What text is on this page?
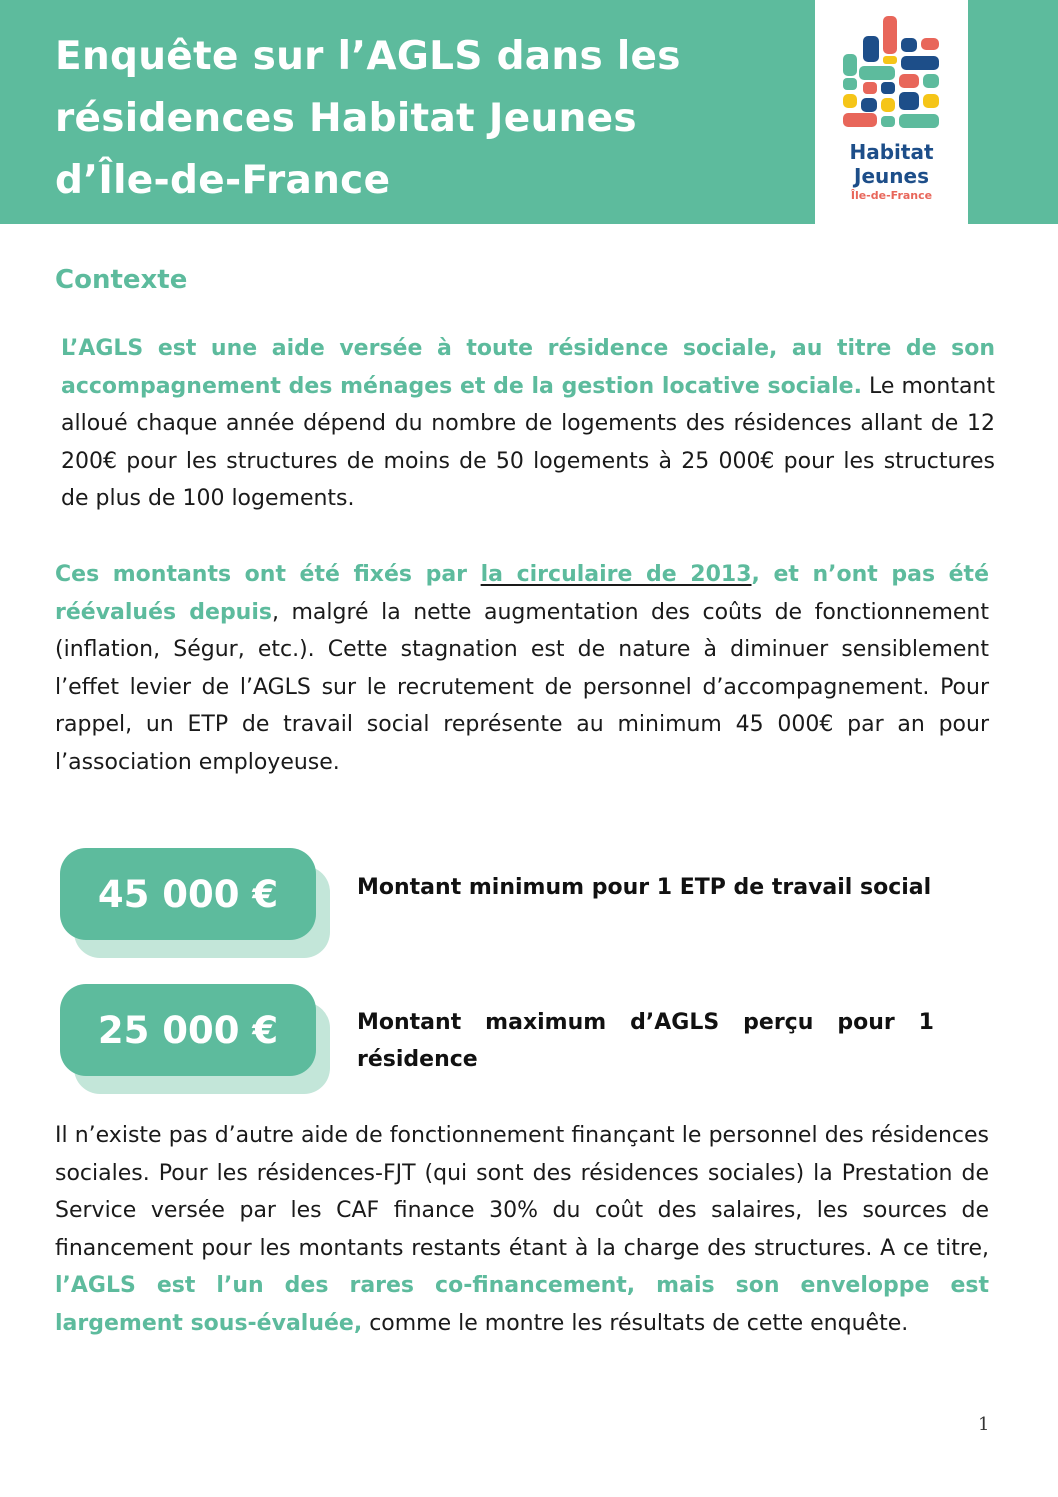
Enquête sur l’AGLS dans les
résidences Habitat Jeunes
d’Île-de-France
Habitat
Jeunes
Île-de-France
Contexte

L’AGLS est une aide versée à toute résidence sociale, au titre de son accompagnement des ménages et de la gestion locative sociale. Le montant alloué chaque année dépend du nombre de logements des résidences allant de 12 200€ pour les structures de moins de 50 logements à 25 000€ pour les structures de plus de 100 logements.

Ces montants ont été fixés par la circulaire de 2013, et n’ont pas été réévalués depuis, malgré la nette augmentation des coûts de fonctionnement (inflation, Ségur, etc.). Cette stagnation est de nature à diminuer sensiblement l’effet levier de l’AGLS sur le recrutement de personnel d’accompagnement. Pour rappel, un ETP de travail social représente au minimum 45 000€ par an pour l’association employeuse.

45 000 €	Montant minimum pour 1 ETP de travail social
25 000 €	Montant maximum d’AGLS perçu pour 1 résidence

Il n’existe pas d’autre aide de fonctionnement finançant le personnel des résidences sociales. Pour les résidences-FJT (qui sont des résidences sociales) la Prestation de Service versée par les CAF finance 30% du coût des salaires, les sources de financement pour les montants restants étant à la charge des structures. A ce titre, l’AGLS est l’un des rares co-financement, mais son enveloppe est largement sous-évaluée, comme le montre les résultats de cette enquête.

1
